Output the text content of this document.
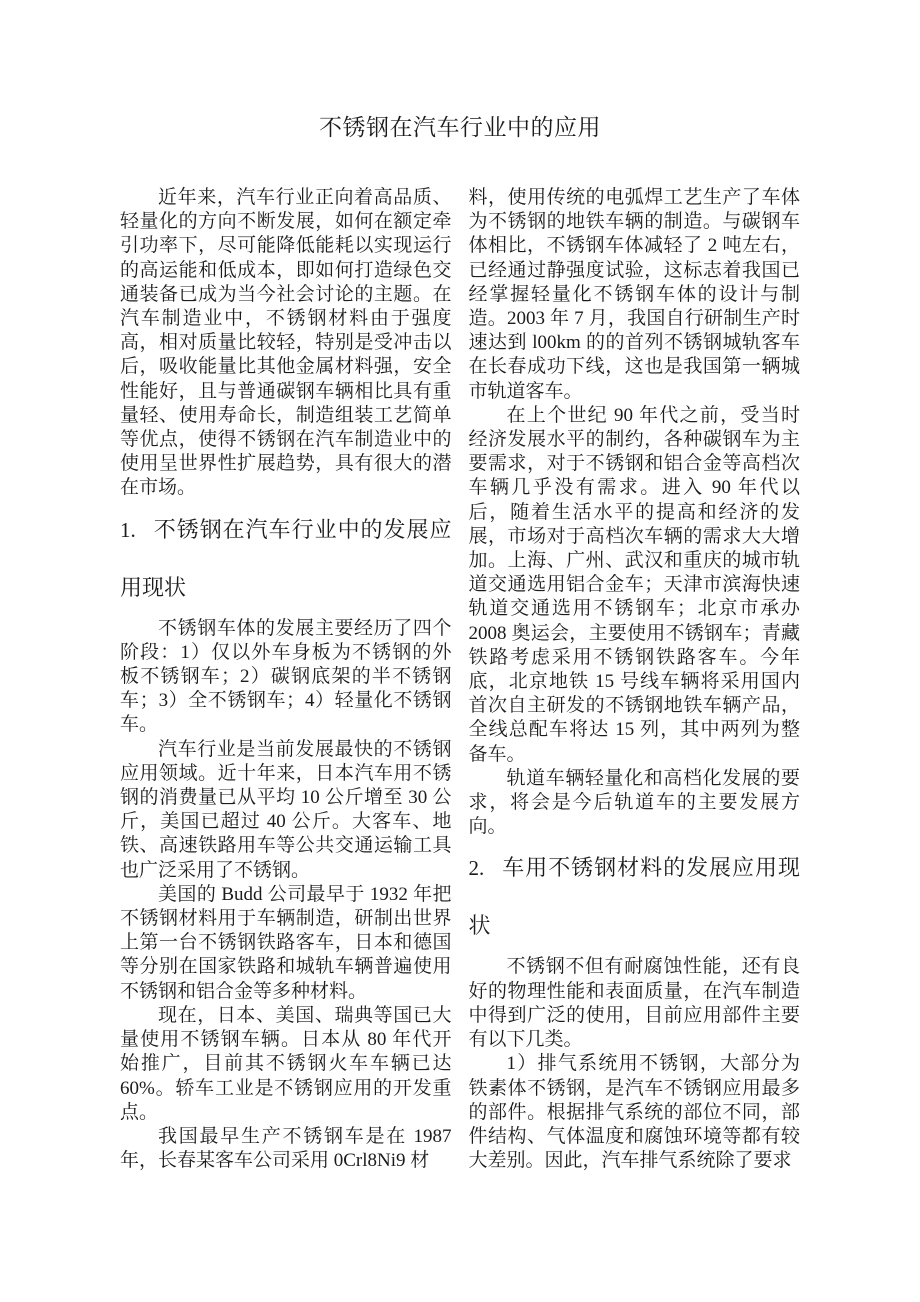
不锈钢在汽车行业中的应用

近年来，汽车行业正向着高品质、轻量化的方向不断发展，如何在额定牵引功率下，尽可能降低能耗以实现运行的高运能和低成本，即如何打造绿色交通装备已成为当今社会讨论的主题。在汽车制造业中，不锈钢材料由于强度高，相对质量比较轻，特别是受冲击以后，吸收能量比其他金属材料强，安全性能好，且与普通碳钢车辆相比具有重量轻、使用寿命长，制造组装工艺简单等优点，使得不锈钢在汽车制造业中的使用呈世界性扩展趋势，具有很大的潜在市场。

1. 不锈钢在汽车行业中的发展应用现状

不锈钢车体的发展主要经历了四个阶段：1）仅以外车身板为不锈钢的外板不锈钢车；2）碳钢底架的半不锈钢车；3）全不锈钢车；4）轻量化不锈钢车。

汽车行业是当前发展最快的不锈钢应用领域。近十年来，日本汽车用不锈钢的消费量已从平均 10 公斤增至 30 公斤，美国已超过 40 公斤。大客车、地铁、高速铁路用车等公共交通运输工具也广泛采用了不锈钢。

美国的 Budd 公司最早于 1932 年把不锈钢材料用于车辆制造，研制出世界上第一台不锈钢铁路客车，日本和德国等分别在国家铁路和城轨车辆普遍使用不锈钢和铝合金等多种材料。

现在，日本、美国、瑞典等国已大量使用不锈钢车辆。日本从 80 年代开始推广，目前其不锈钢火车车辆已达 60%。轿车工业是不锈钢应用的开发重点。

我国最早生产不锈钢车是在 1987 年，长春某客车公司采用 0Crl8Ni9 材

料，使用传统的电弧焊工艺生产了车体为不锈钢的地铁车辆的制造。与碳钢车体相比，不锈钢车体减轻了 2 吨左右，已经通过静强度试验，这标志着我国已经掌握轻量化不锈钢车体的设计与制造。2003 年 7 月，我国自行研制生产时速达到 l00km 的的首列不锈钢城轨客车在长春成功下线，这也是我国第一辆城市轨道客车。

在上个世纪 90 年代之前，受当时经济发展水平的制约，各种碳钢车为主要需求，对于不锈钢和铝合金等高档次车辆几乎没有需求。进入 90 年代以后，随着生活水平的提高和经济的发展，市场对于高档次车辆的需求大大增加。上海、广州、武汉和重庆的城市轨道交通选用铝合金车；天津市滨海快速轨道交通选用不锈钢车；北京市承办 2008 奥运会，主要使用不锈钢车；青藏铁路考虑采用不锈钢铁路客车。今年底，北京地铁 15 号线车辆将采用国内首次自主研发的不锈钢地铁车辆产品，全线总配车将达 15 列，其中两列为整备车。

轨道车辆轻量化和高档化发展的要求，将会是今后轨道车的主要发展方向。

2. 车用不锈钢材料的发展应用现状

不锈钢不但有耐腐蚀性能，还有良好的物理性能和表面质量，在汽车制造中得到广泛的使用，目前应用部件主要有以下几类。

1）排气系统用不锈钢，大部分为铁素体不锈钢，是汽车不锈钢应用最多的部件。根据排气系统的部位不同，部件结构、气体温度和腐蚀环境等都有较大差别。因此，汽车排气系统除了要求
